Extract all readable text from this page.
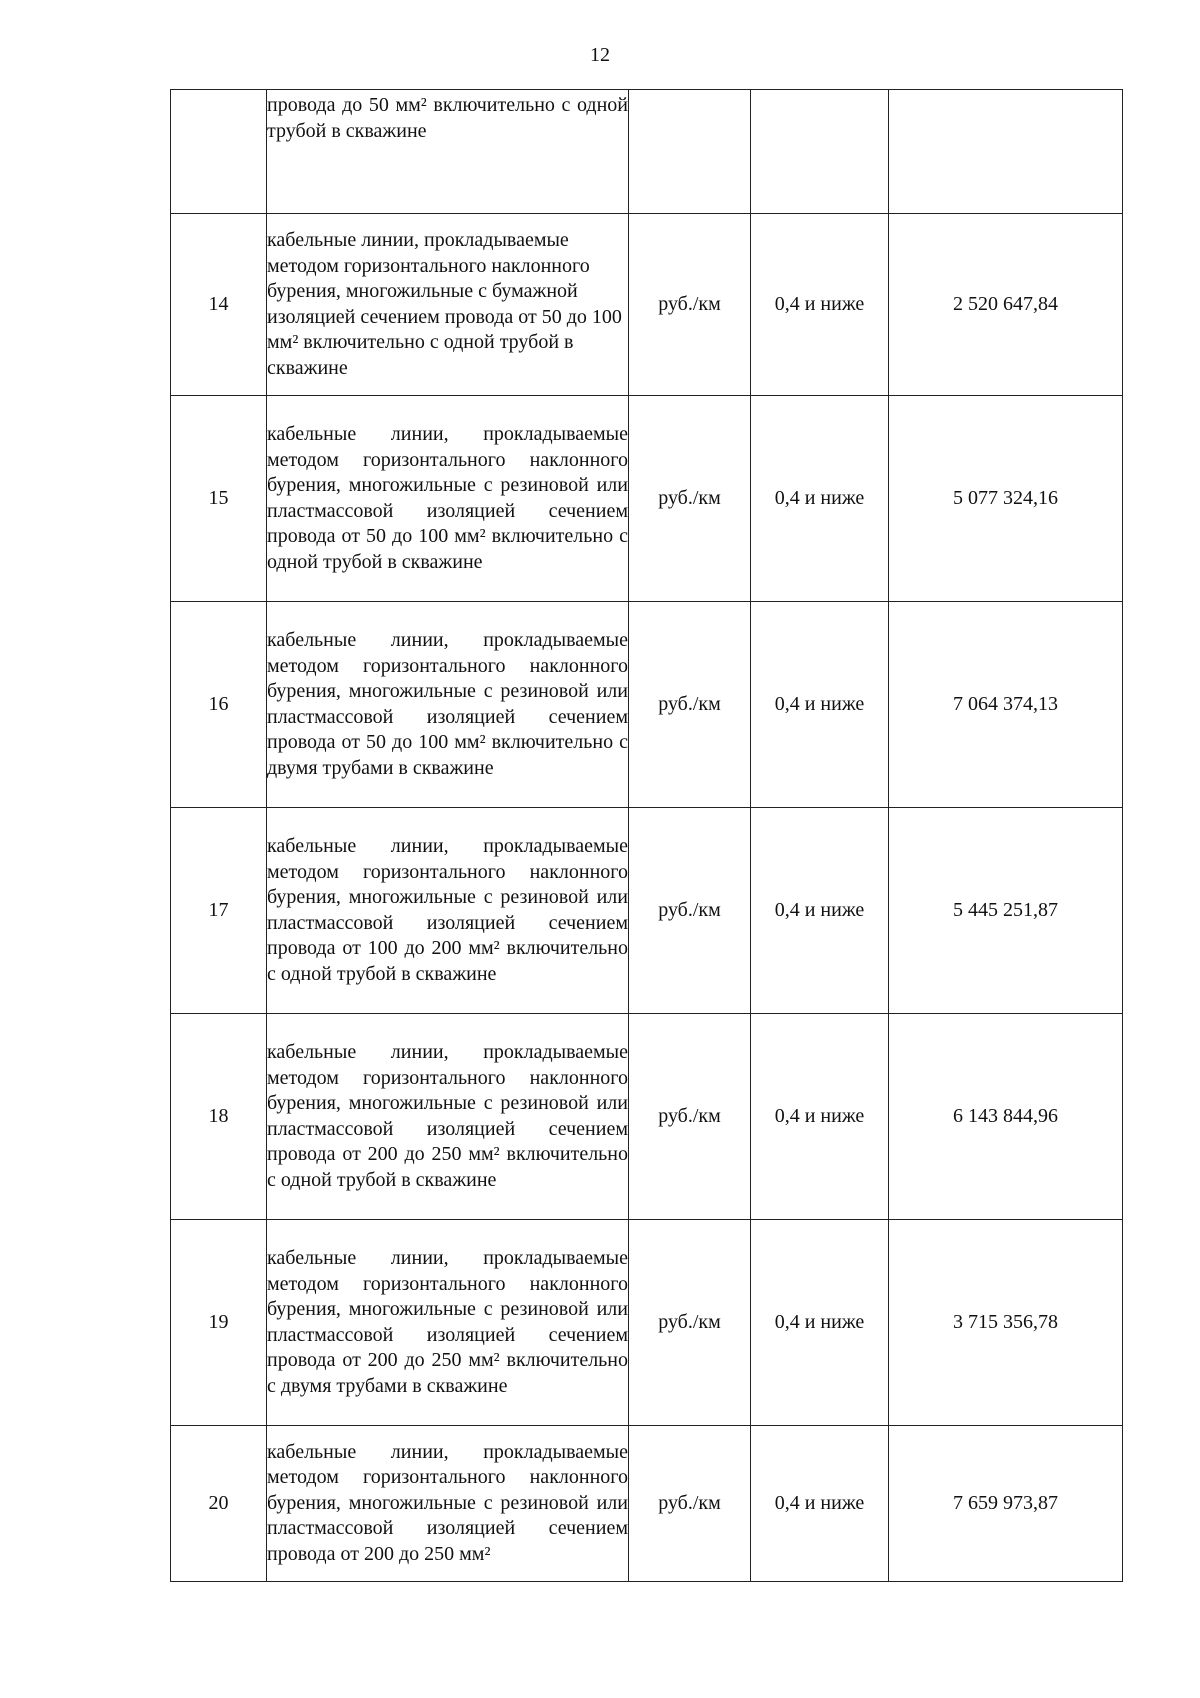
12

	провода до 50 мм² включительно с одной трубой в скважине			

14	кабельные линии, прокладываемые методом горизонтального наклонного бурения, многожильные с бумажной изоляцией сечением провода от 50 до 100 мм² включительно с одной трубой в скважине	руб./км	0,4 и ниже	2 520 647,84
15	кабельные линии, прокладываемые методом горизонтального наклонного бурения, многожильные с резиновой или пластмассовой изоляцией сечением провода от 50 до 100 мм² включительно с одной трубой в скважине	руб./км	0,4 и ниже	5 077 324,16
16	кабельные линии, прокладываемые методом горизонтального наклонного бурения, многожильные с резиновой или пластмассовой изоляцией сечением провода от 50 до 100 мм² включительно с двумя трубами в скважине	руб./км	0,4 и ниже	7 064 374,13
17	кабельные линии, прокладываемые методом горизонтального наклонного бурения, многожильные с резиновой или пластмассовой изоляцией сечением провода от 100 до 200 мм² включительно с одной трубой в скважине	руб./км	0,4 и ниже	5 445 251,87
18	кабельные линии, прокладываемые методом горизонтального наклонного бурения, многожильные с резиновой или пластмассовой изоляцией сечением провода от 200 до 250 мм² включительно с одной трубой в скважине	руб./км	0,4 и ниже	6 143 844,96
19	кабельные линии, прокладываемые методом горизонтального наклонного бурения, многожильные с резиновой или пластмассовой изоляцией сечением провода от 200 до 250 мм² включительно с двумя трубами в скважине	руб./км	0,4 и ниже	3 715 356,78
20	кабельные линии, прокладываемые методом горизонтального наклонного бурения, многожильные с резиновой или пластмассовой изоляцией сечением провода от 200 до 250 мм²	руб./км	0,4 и ниже	7 659 973,87
